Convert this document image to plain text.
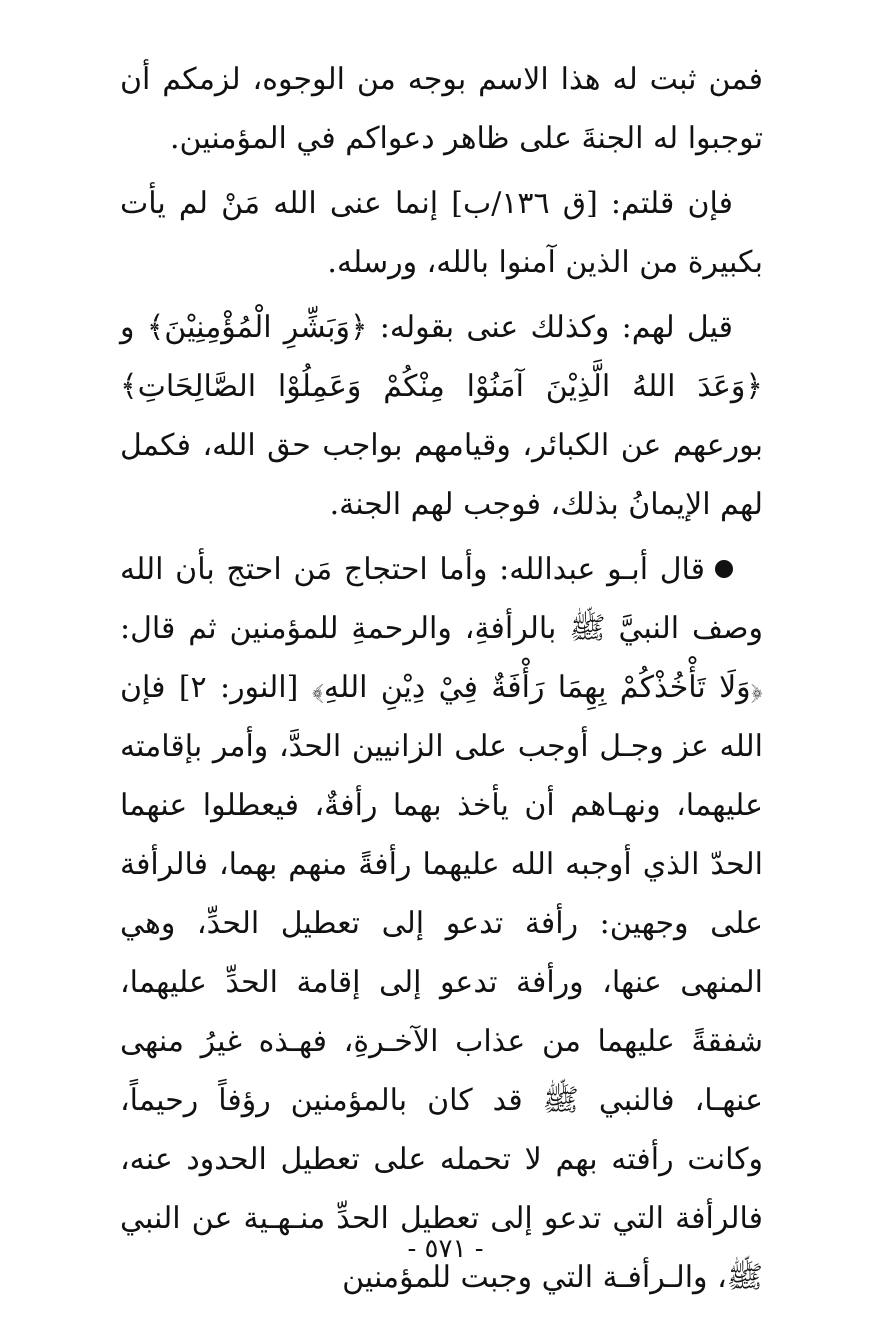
فمن ثبت له هذا الاسم بوجه من الوجوه، لزمكم أن توجبوا له الجنةَ على ظاهر دعواكم في المؤمنين.

فإن قلتم: [ق ١٣٦/ب] إنما عنى الله مَنْ لم يأت بكبيرة من الذين آمنوا بالله، ورسله.

قيل لهم: وكذلك عنى بقوله: ﴿وَبَشِّرِ الْمُؤْمِنِيْنَ﴾ و ﴿وَعَدَ اللهُ الَّذِيْنَ آمَنُوْا مِنْكُمْ وَعَمِلُوْا الصَّالِحَاتِ﴾ بورعهم عن الكبائر، وقيامهم بواجب حق الله، فكمل لهم الإيمانُ بذلك، فوجب لهم الجنة.

قال أبـو عبدالله: وأما احتجاج مَن احتج بأن الله وصف النبيَّ ﷺ بالرأفةِ، والرحمةِ للمؤمنين ثم قال: ﴿وَلَا تَأْخُذْكُمْ بِهِمَا رَأْفَةٌ فِيْ دِيْنِ اللهِ﴾ [النور: ٢] فإن الله عز وجـل أوجب على الزانيين الحدَّ، وأمر بإقامته عليهما، ونهـاهم أن يأخذ بهما رأفةٌ، فيعطلوا عنهما الحدّ الذي أوجبه الله عليهما رأفةً منهم بهما، فالرأفة على وجهين: رأفة تدعو إلى تعطيل الحدِّ، وهي المنهى عنها، ورأفة تدعو إلى إقامة الحدِّ عليهما، شفقةً عليهما من عذاب الآخـرةِ، فهـذه غيرُ منهى عنهـا، فالنبي ﷺ قد كان بالمؤمنين رؤفاً رحيماً، وكانت رأفته بهم لا تحمله على تعطيل الحدود عنه، فالرأفة التي تدعو إلى تعطيل الحدِّ منـهـية عن النبي ﷺ، والـرأفـة التي وجبت للمؤمنين

- ٥٧١ -
